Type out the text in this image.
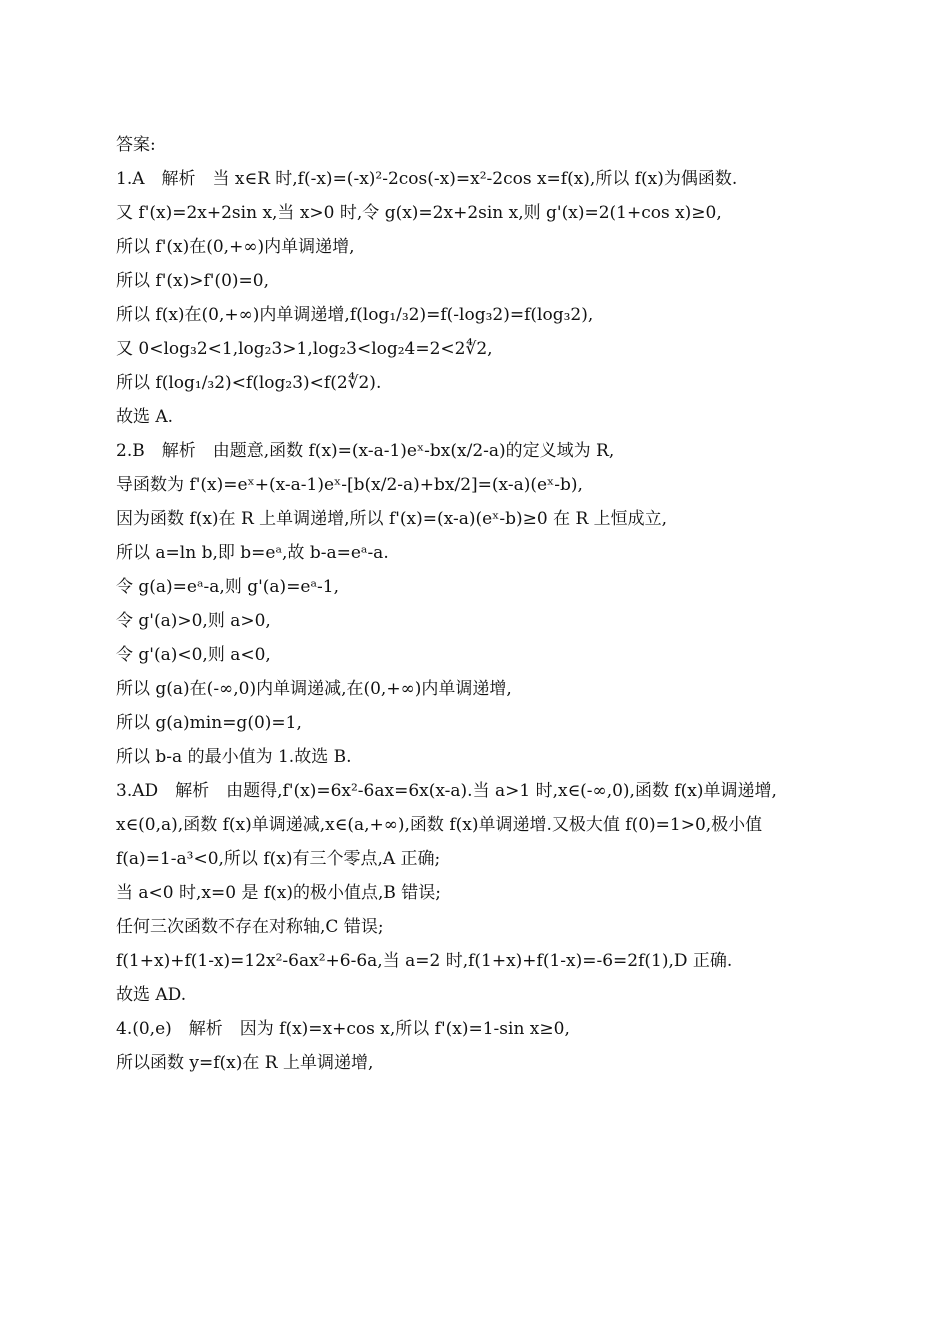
答案:
1.A　解析　当 x∈R 时,f(-x)=(-x)²-2cos(-x)=x²-2cos x=f(x),所以 f(x)为偶函数.
又 f'(x)=2x+2sin x,当 x>0 时,令 g(x)=2x+2sin x,则 g'(x)=2(1+cos x)≥0,
所以 f'(x)在(0,+∞)内单调递增,
所以 f'(x)>f'(0)=0,
所以 f(x)在(0,+∞)内单调递增,f(log₁/₃2)=f(-log₃2)=f(log₃2),
又 0<log₃2<1,log₂3>1,log₂3<log₂4=2<2∜2,
所以 f(log₁/₃2)<f(log₂3)<f(2∜2).
故选 A.
2.B　解析　由题意,函数 f(x)=(x-a-1)eˣ-bx(x/2-a)的定义域为 R,
导函数为 f'(x)=eˣ+(x-a-1)eˣ-[b(x/2-a)+bx/2]=(x-a)(eˣ-b),
因为函数 f(x)在 R 上单调递增,所以 f'(x)=(x-a)(eˣ-b)≥0 在 R 上恒成立,
所以 a=ln b,即 b=eᵃ,故 b-a=eᵃ-a.
令 g(a)=eᵃ-a,则 g'(a)=eᵃ-1,
令 g'(a)>0,则 a>0,
令 g'(a)<0,则 a<0,
所以 g(a)在(-∞,0)内单调递减,在(0,+∞)内单调递增,
所以 g(a)min=g(0)=1,
所以 b-a 的最小值为 1.故选 B.
3.AD　解析　由题得,f'(x)=6x²-6ax=6x(x-a).当 a>1 时,x∈(-∞,0),函数 f(x)单调递增,
x∈(0,a),函数 f(x)单调递减,x∈(a,+∞),函数 f(x)单调递增.又极大值 f(0)=1>0,极小值
f(a)=1-a³<0,所以 f(x)有三个零点,A 正确;
当 a<0 时,x=0 是 f(x)的极小值点,B 错误;
任何三次函数不存在对称轴,C 错误;
f(1+x)+f(1-x)=12x²-6ax²+6-6a,当 a=2 时,f(1+x)+f(1-x)=-6=2f(1),D 正确.
故选 AD.
4.(0,e)　解析　因为 f(x)=x+cos x,所以 f'(x)=1-sin x≥0,
所以函数 y=f(x)在 R 上单调递增,
